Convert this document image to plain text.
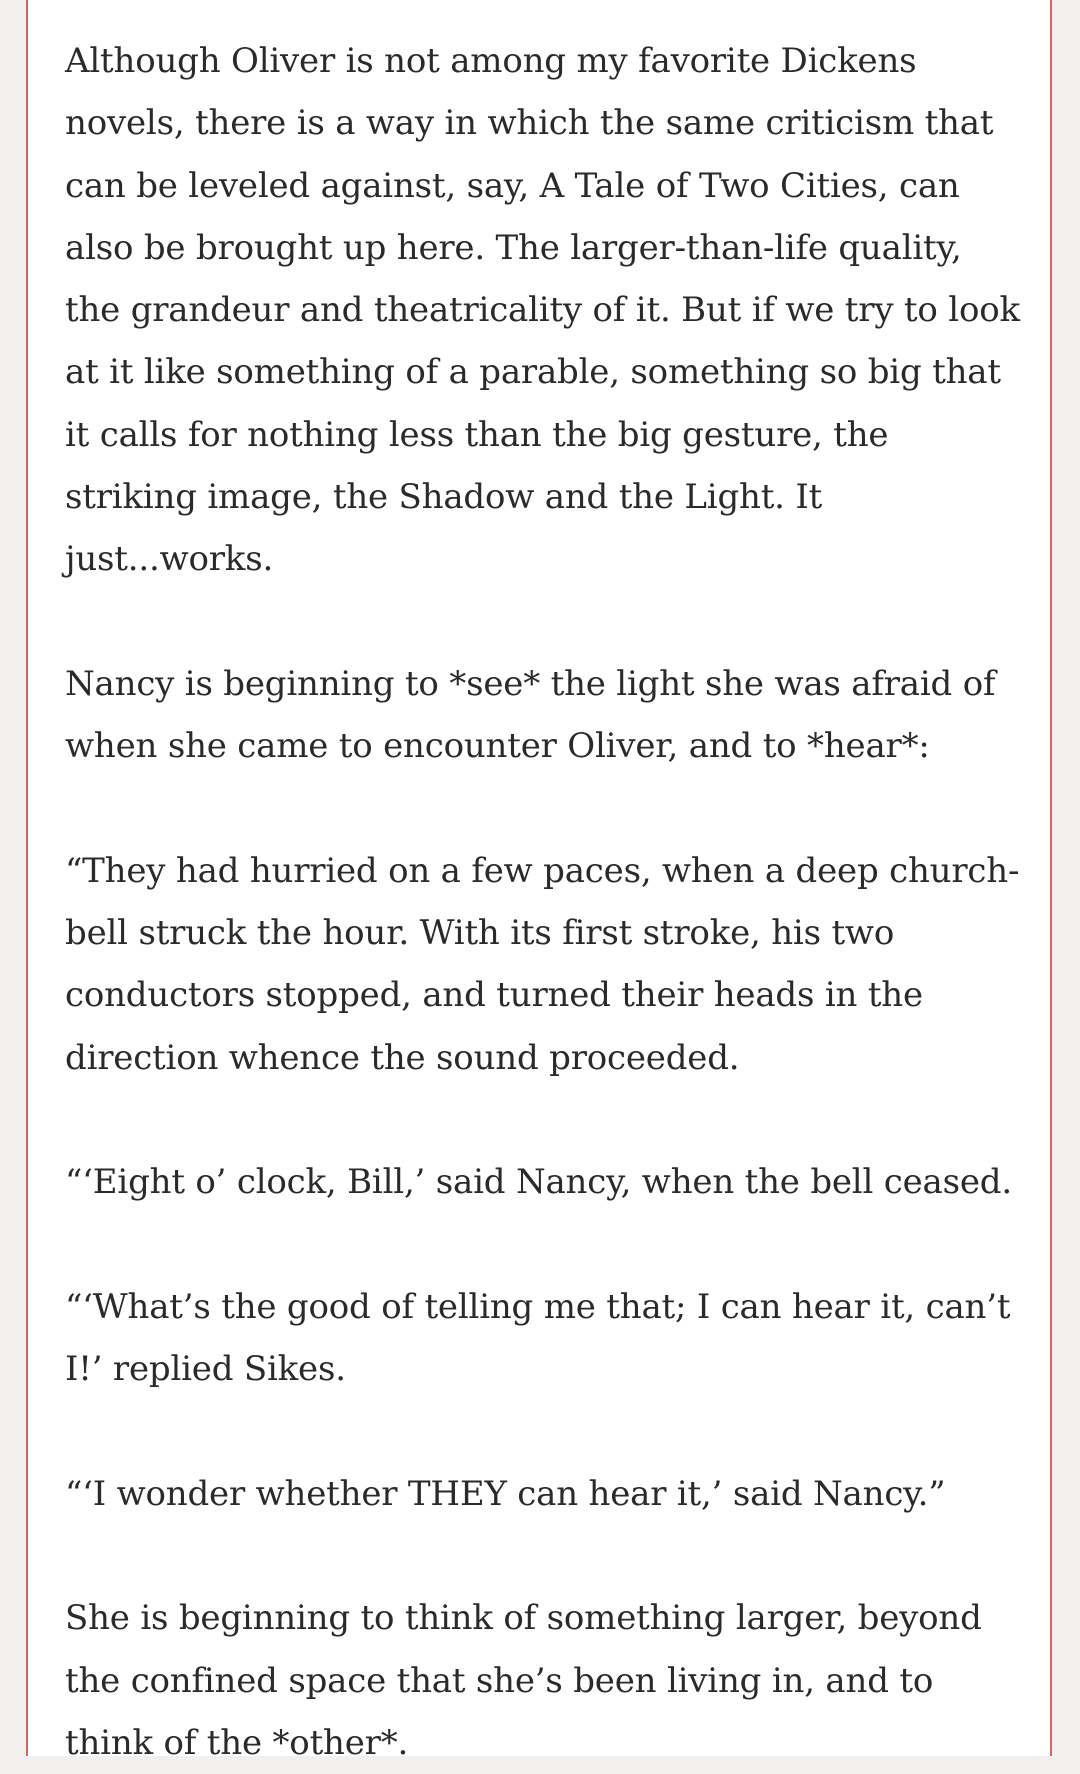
Although Oliver is not among my favorite Dickens novels, there is a way in which the same criticism that can be leveled against, say, A Tale of Two Cities, can also be brought up here. The larger-than-life quality, the grandeur and theatricality of it. But if we try to look at it like something of a parable, something so big that it calls for nothing less than the big gesture, the striking image, the Shadow and the Light. It just...works.

Nancy is beginning to *see* the light she was afraid of when she came to encounter Oliver, and to *hear*:

“They had hurried on a few paces, when a deep church-bell struck the hour. With its first stroke, his two conductors stopped, and turned their heads in the direction whence the sound proceeded.

“‘Eight o’ clock, Bill,’ said Nancy, when the bell ceased.

“‘What’s the good of telling me that; I can hear it, can’t I!’ replied Sikes.

“‘I wonder whether THEY can hear it,’ said Nancy.”

She is beginning to think of something larger, beyond the confined space that she’s been living in, and to think of the *other*.
